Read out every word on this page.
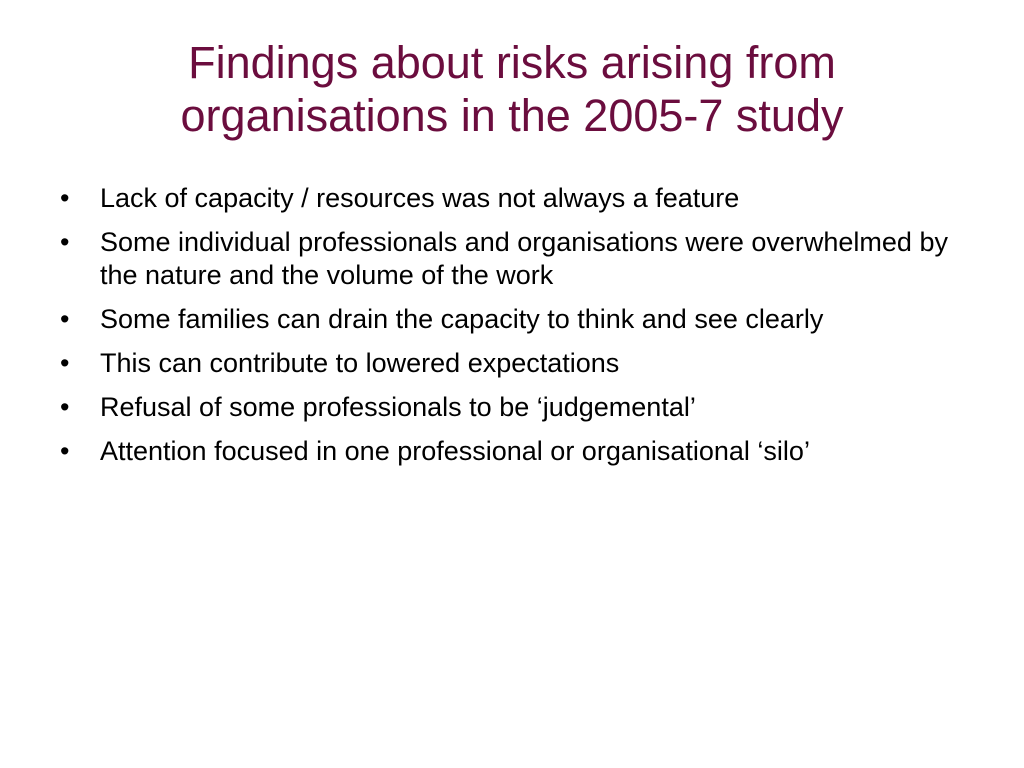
Findings about risks arising from
organisations in the 2005-7 study
• Lack of capacity / resources was not always a feature
• Some individual professionals and organisations were overwhelmed by the nature and the volume of the work
• Some families can drain the capacity to think and see clearly
• This can contribute to lowered expectations
• Refusal of some professionals to be ‘judgemental’
• Attention focused in one professional or organisational ‘silo’
